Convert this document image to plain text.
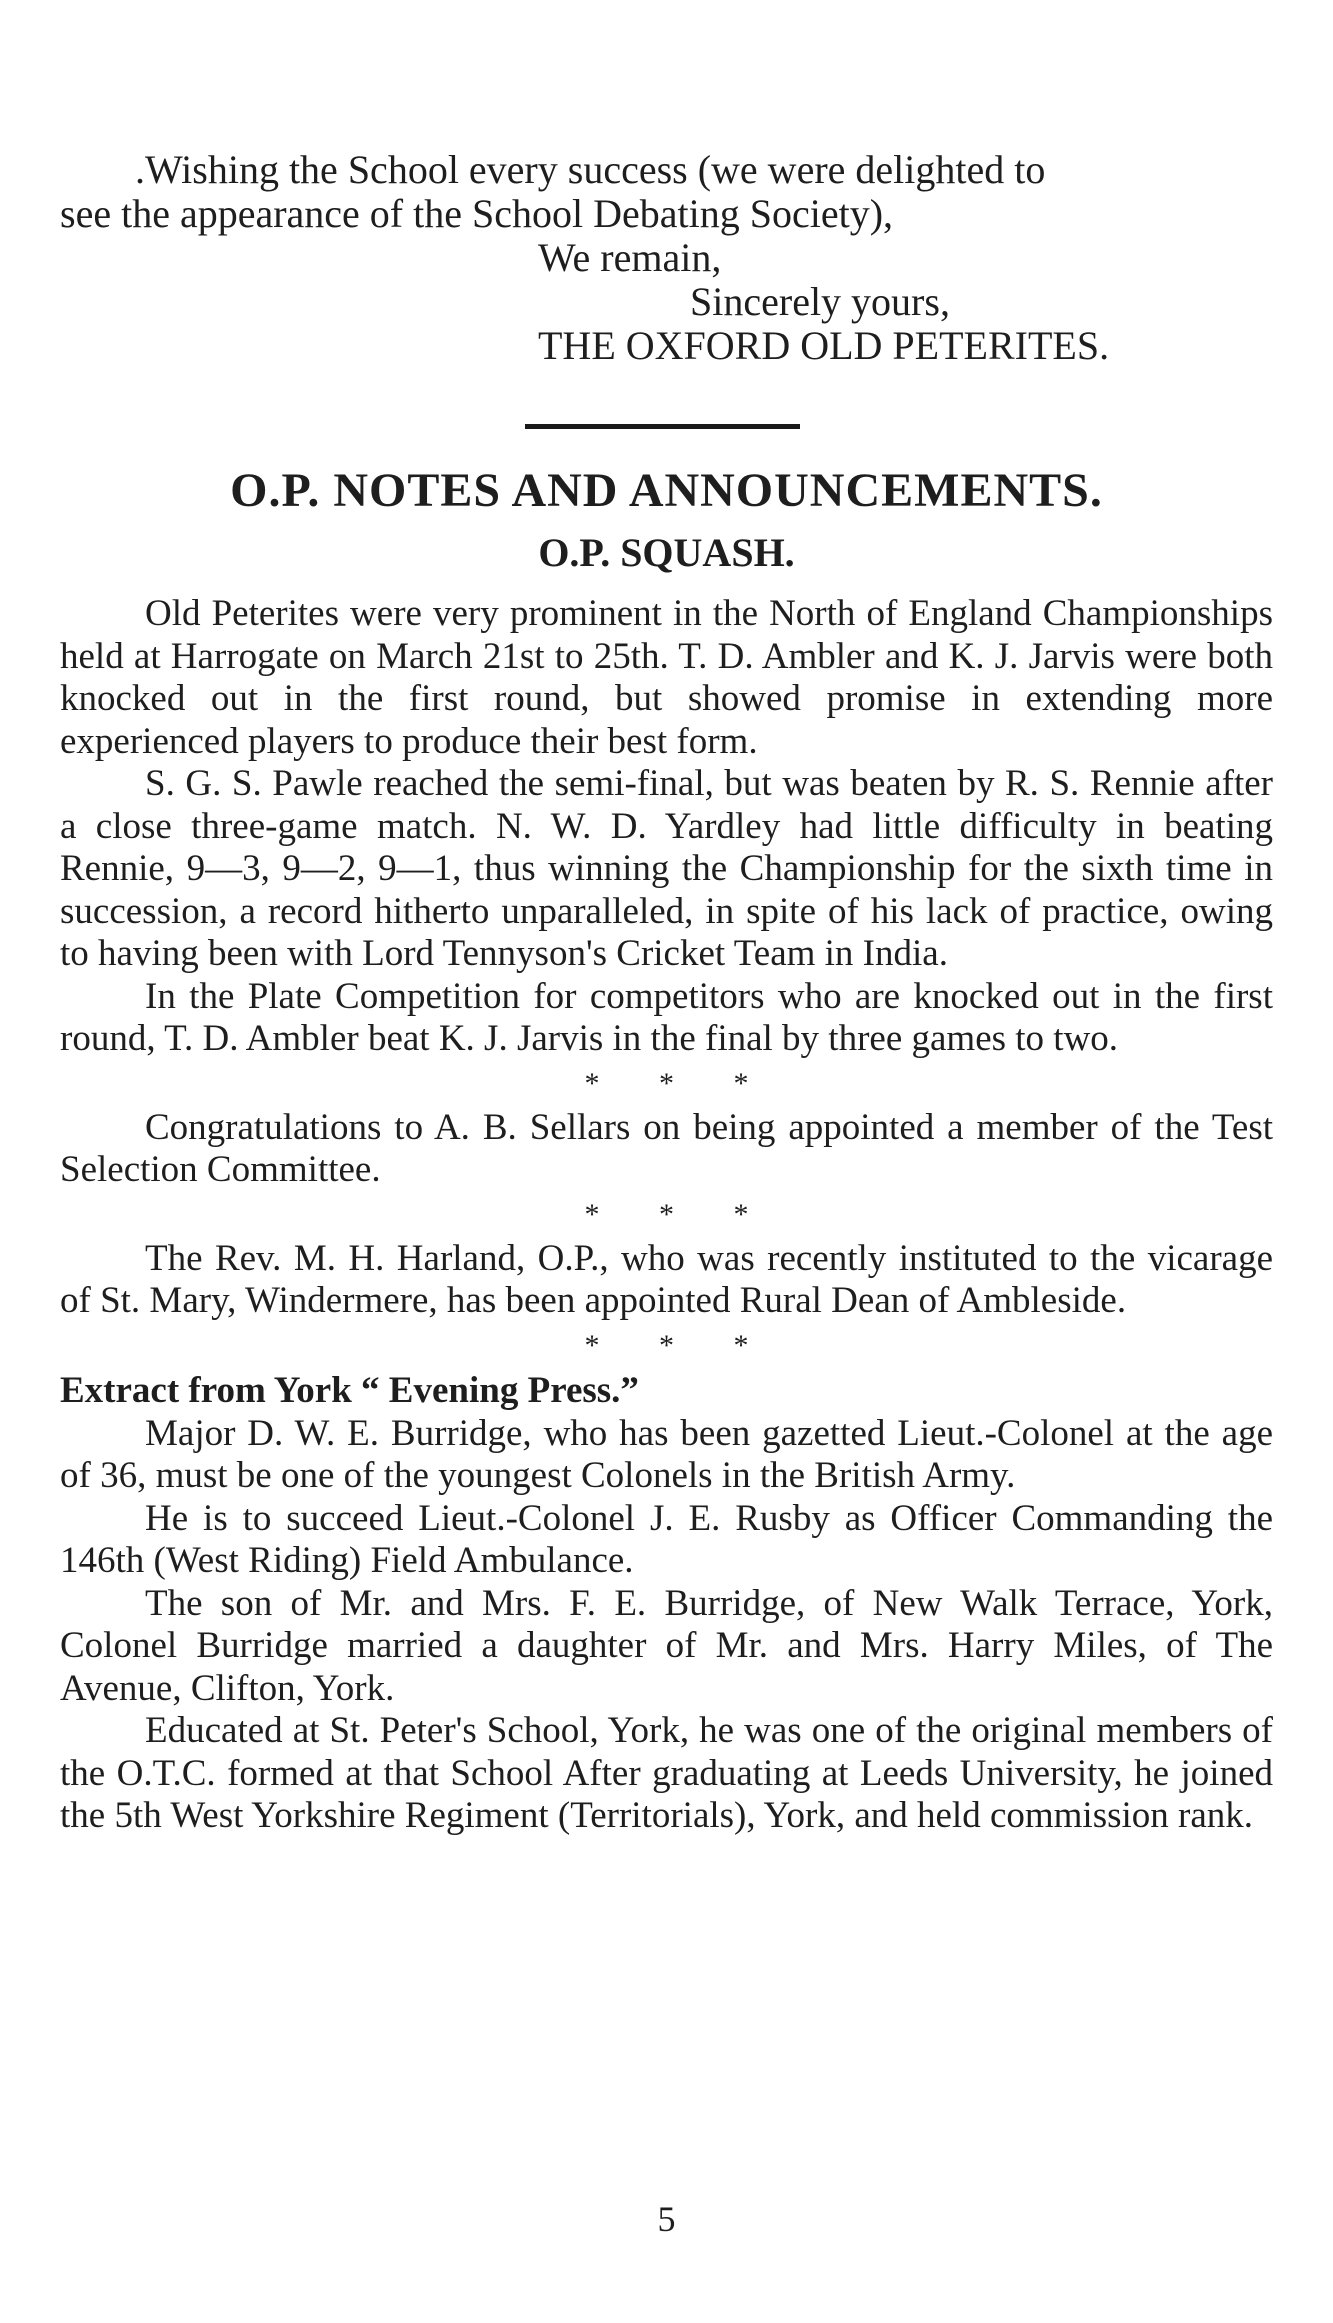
.Wishing the School every success (we were delighted to

see the appearance of the School Debating Society),

We remain,

Sincerely yours,

THE OXFORD OLD PETERITES.

O.P. NOTES AND ANNOUNCEMENTS.
O.P. SQUASH.

Old Peterites were very prominent in the North of England Championships held at Harrogate on March 21st to 25th. T. D. Ambler and K. J. Jarvis were both knocked out in the first round, but showed promise in extending more experienced players to produce their best form.

S. G. S. Pawle reached the semi-final, but was beaten by R. S. Rennie after a close three-game match. N. W. D. Yardley had little difficulty in beating Rennie, 9—3, 9—2, 9—1, thus winning the Championship for the sixth time in succession, a record hitherto unparalleled, in spite of his lack of practice, owing to having been with Lord Tennyson's Cricket Team in India.

In the Plate Competition for competitors who are knocked out in the first round, T. D. Ambler beat K. J. Jarvis in the final by three games to two.

* * *

Congratulations to A. B. Sellars on being appointed a member of the Test Selection Committee.

* * *

The Rev. M. H. Harland, O.P., who was recently instituted to the vicarage of St. Mary, Windermere, has been appointed Rural Dean of Ambleside.

* * *

Extract from York “ Evening Press.”

Major D. W. E. Burridge, who has been gazetted Lieut.-Colonel at the age of 36, must be one of the youngest Colonels in the British Army.

He is to succeed Lieut.-Colonel J. E. Rusby as Officer Commanding the 146th (West Riding) Field Ambulance.

The son of Mr. and Mrs. F. E. Burridge, of New Walk Terrace, York, Colonel Burridge married a daughter of Mr. and Mrs. Harry Miles, of The Avenue, Clifton, York.

Educated at St. Peter's School, York, he was one of the original members of the O.T.C. formed at that School After graduating at Leeds University, he joined the 5th West Yorkshire Regiment (Territorials), York, and held commission rank.

5
